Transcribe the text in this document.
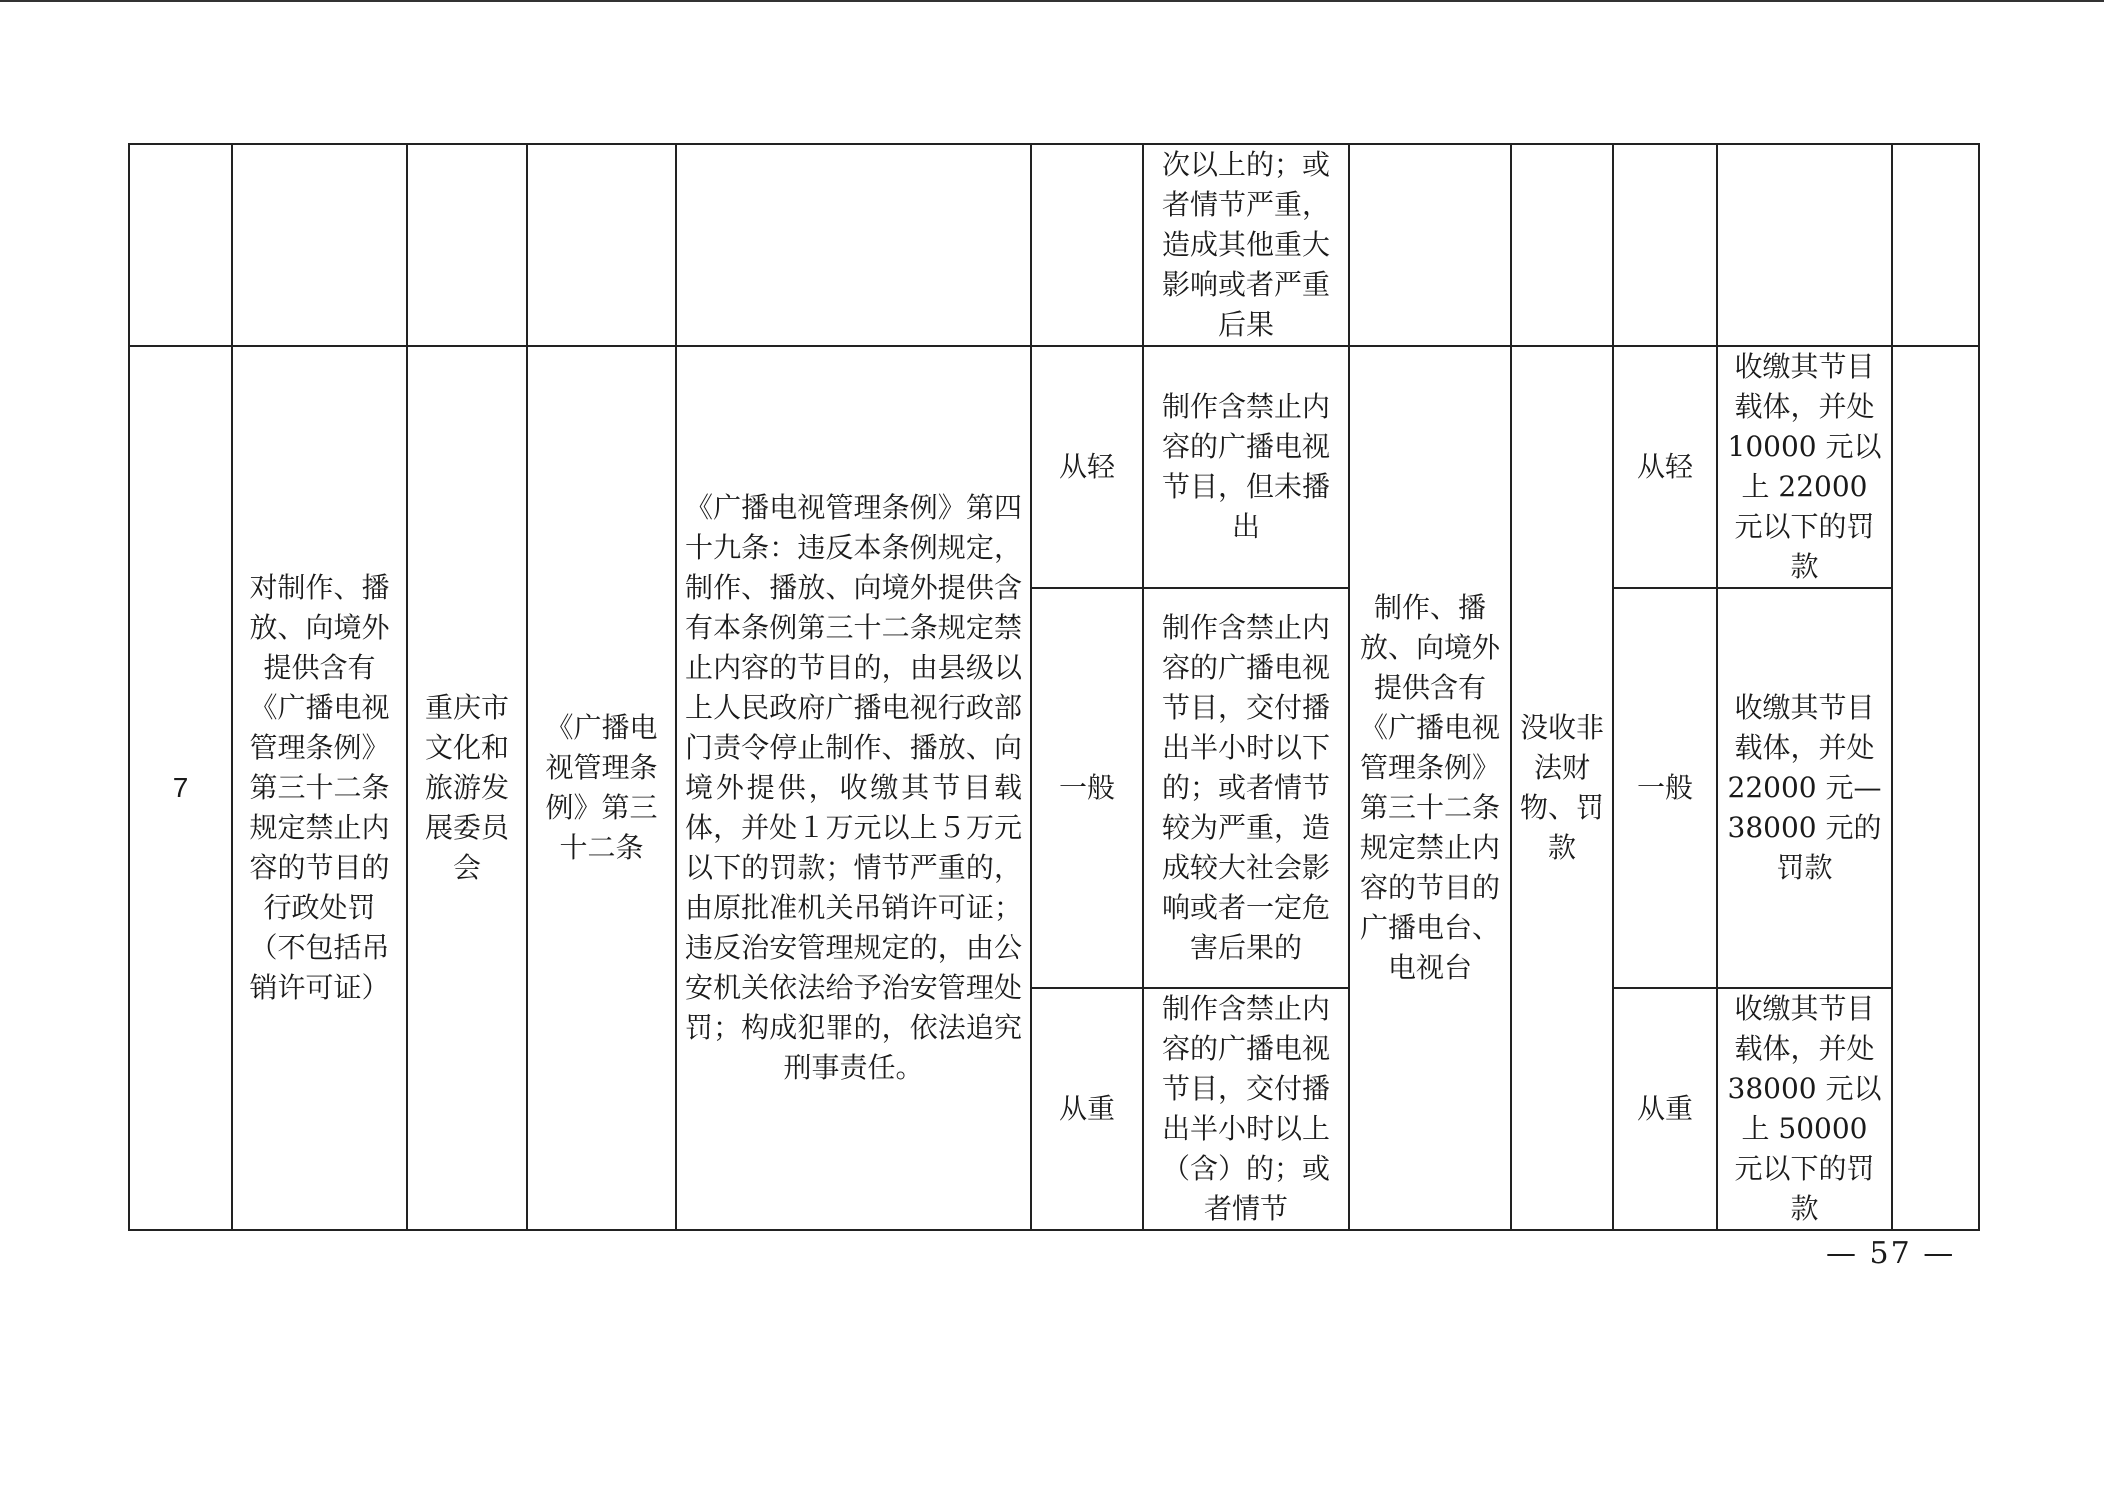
						次以上的；或者情节严重，造成其他重大影响或者严重后果					
7	对制作、播放、向境外提供含有《广播电视管理条例》第三十二条规定禁止内容的节目的行政处罚（不包括吊销许可证）	重庆市文化和旅游发展委员会	《广播电视管理条例》第三十二条	《广播电视管理条例》第四十九条：违反本条例规定，制作、播放、向境外提供含有本条例第三十二条规定禁止内容的节目的，由县级以上人民政府广播电视行政部门责令停止制作、播放、向境外提供，收缴其节目载体，并处１万元以上５万元以下的罚款；情节严重的，由原批准机关吊销许可证；违反治安管理规定的，由公安机关依法给予治安管理处罚；构成犯罪的，依法追究刑事责任。	从轻	制作含禁止内容的广播电视节目，但未播出	制作、播放、向境外提供含有《广播电视管理条例》第三十二条规定禁止内容的节目的广播电台、电视台	没收非法财物、罚款	从轻	收缴其节目载体，并处 10000 元以上 22000 元以下的罚款	
					一般	制作含禁止内容的广播电视节目，交付播出半小时以下的；或者情节较为严重，造成较大社会影响或者一定危害后果的			一般	收缴其节目载体，并处 22000 元—38000 元的罚款	
					从重	制作含禁止内容的广播电视节目，交付播出半小时以上（含）的；或者情节			从重	收缴其节目载体，并处 38000 元以上 50000 元以下的罚款	
— 57 —
